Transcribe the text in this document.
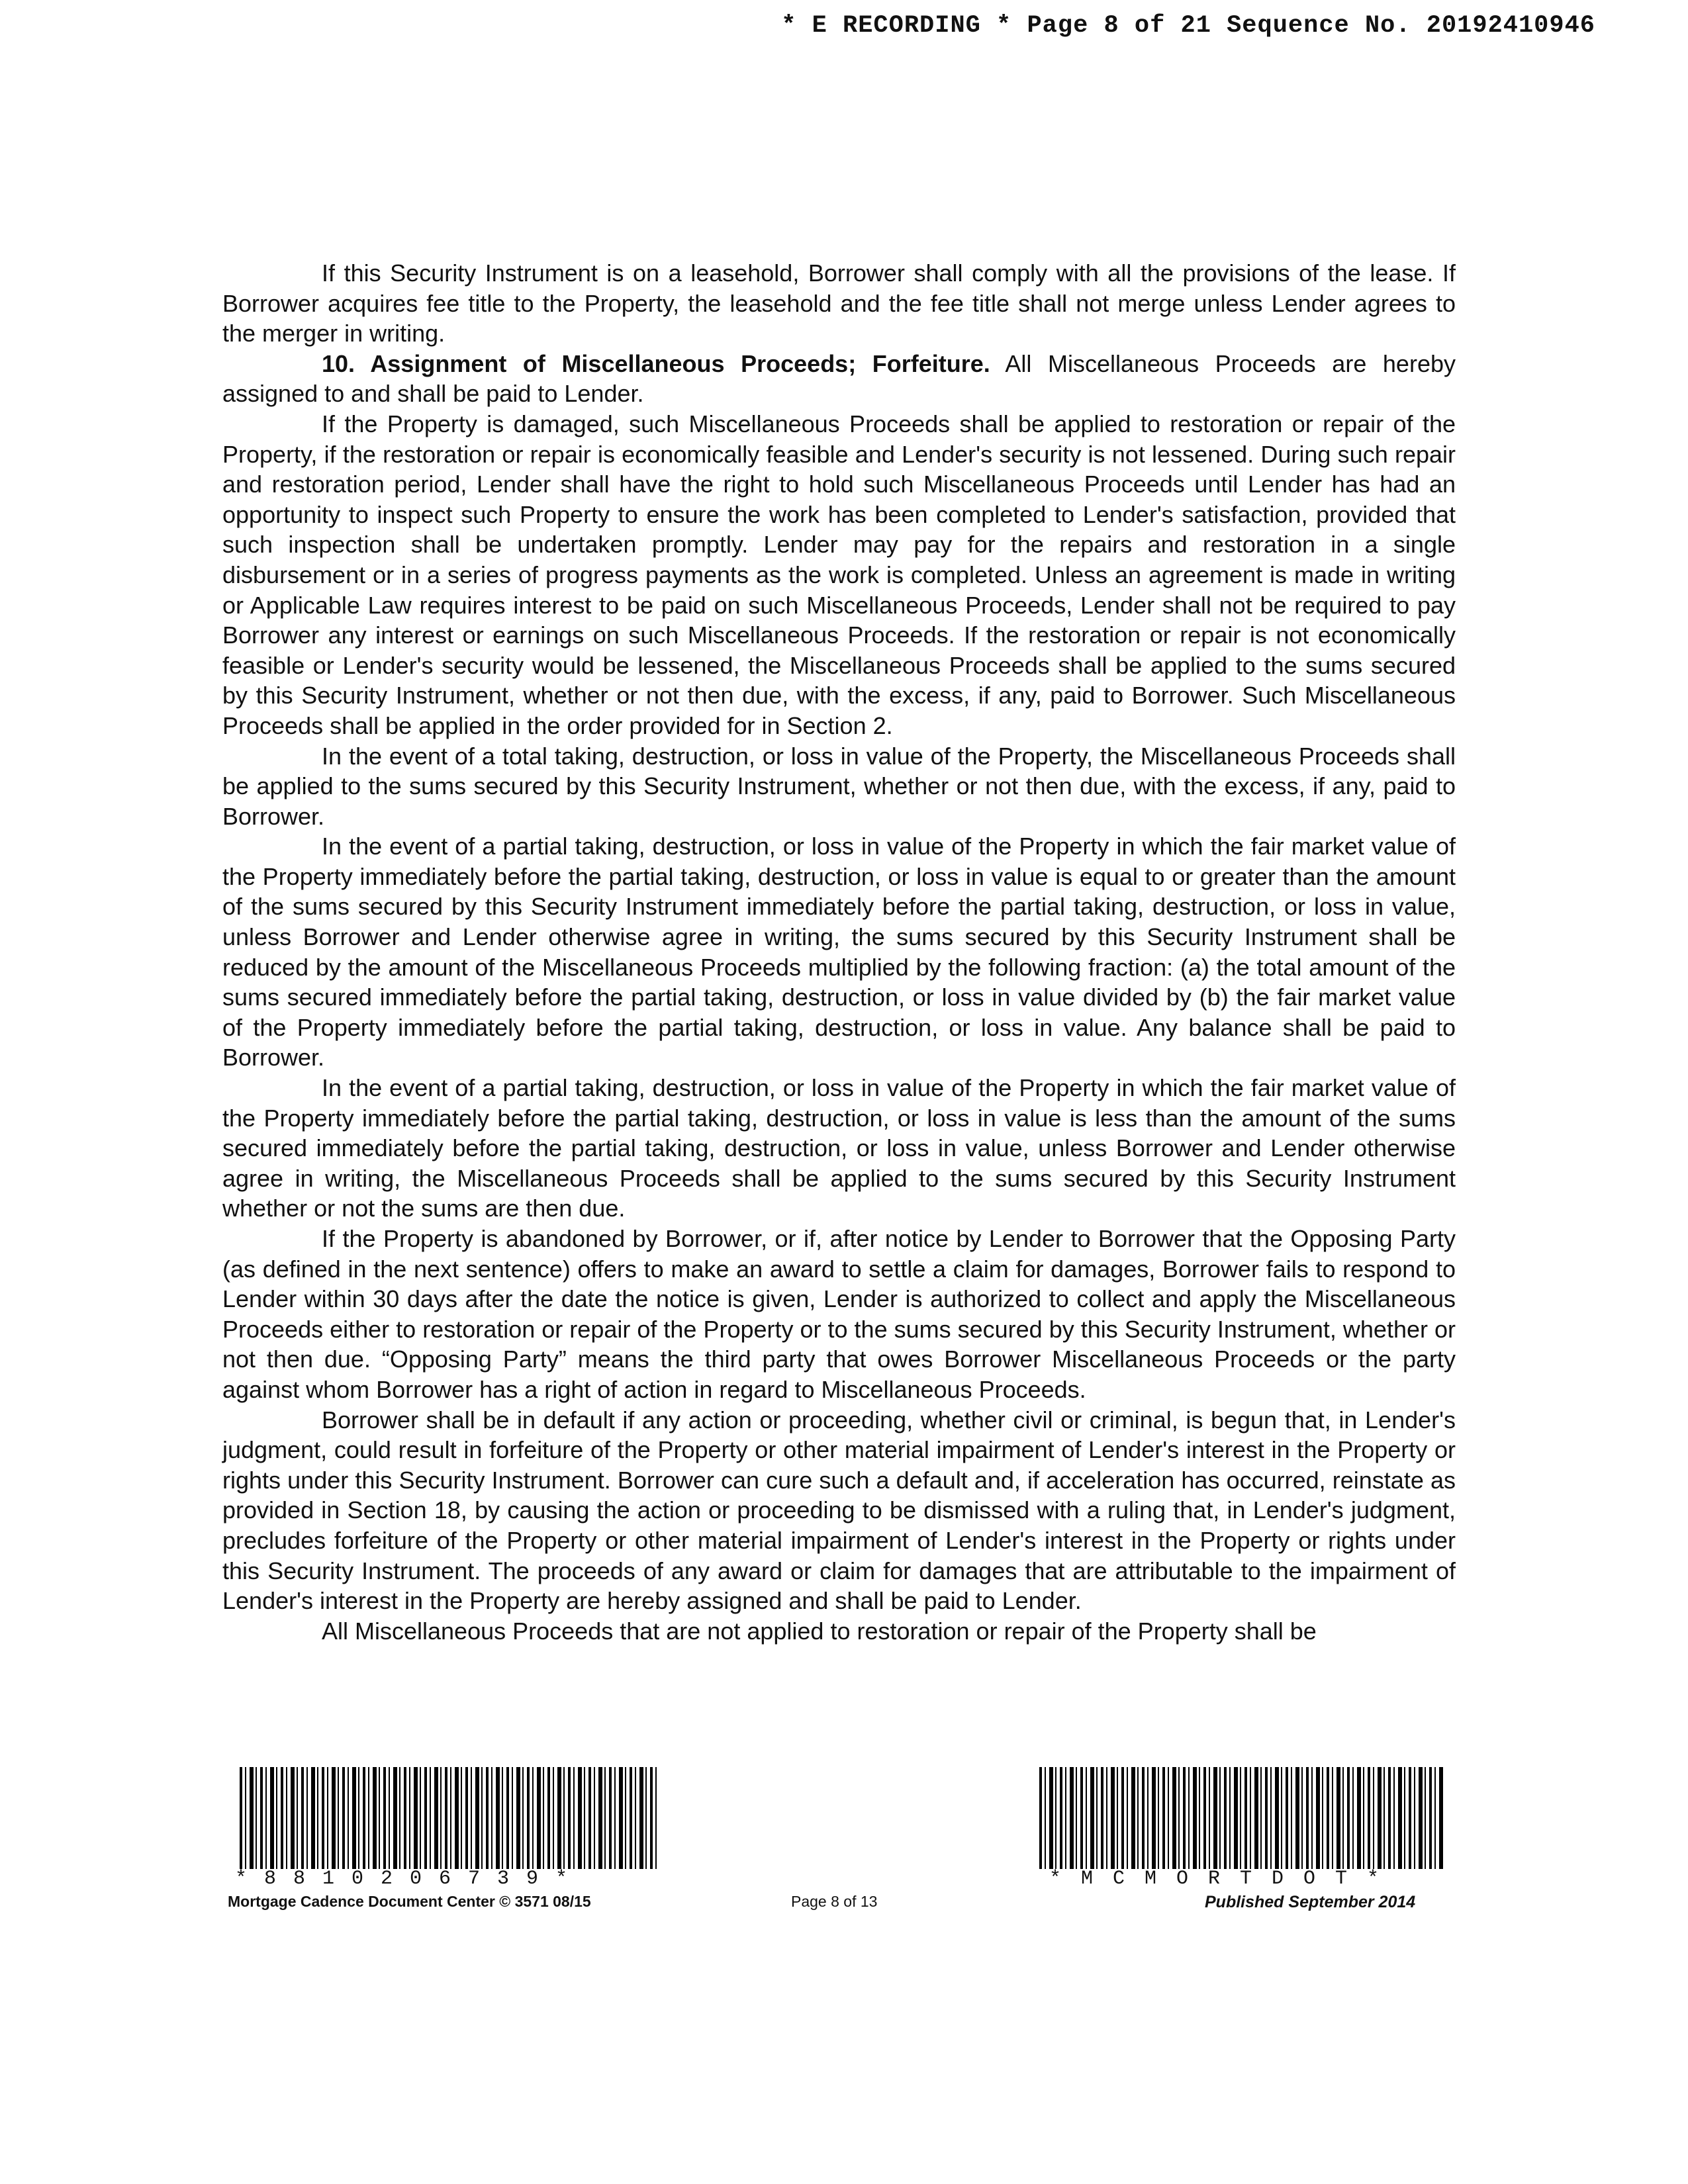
* E RECORDING * Page 8 of 21 Sequence No. 20192410946

If this Security Instrument is on a leasehold, Borrower shall comply with all the provisions of the lease. If Borrower acquires fee title to the Property, the leasehold and the fee title shall not merge unless Lender agrees to the merger in writing.

10. Assignment of Miscellaneous Proceeds; Forfeiture. All Miscellaneous Proceeds are hereby assigned to and shall be paid to Lender.

If the Property is damaged, such Miscellaneous Proceeds shall be applied to restoration or repair of the Property, if the restoration or repair is economically feasible and Lender's security is not lessened. During such repair and restoration period, Lender shall have the right to hold such Miscellaneous Proceeds until Lender has had an opportunity to inspect such Property to ensure the work has been completed to Lender's satisfaction, provided that such inspection shall be undertaken promptly. Lender may pay for the repairs and restoration in a single disbursement or in a series of progress payments as the work is completed. Unless an agreement is made in writing or Applicable Law requires interest to be paid on such Miscellaneous Proceeds, Lender shall not be required to pay Borrower any interest or earnings on such Miscellaneous Proceeds. If the restoration or repair is not economically feasible or Lender's security would be lessened, the Miscellaneous Proceeds shall be applied to the sums secured by this Security Instrument, whether or not then due, with the excess, if any, paid to Borrower. Such Miscellaneous Proceeds shall be applied in the order provided for in Section 2.

In the event of a total taking, destruction, or loss in value of the Property, the Miscellaneous Proceeds shall be applied to the sums secured by this Security Instrument, whether or not then due, with the excess, if any, paid to Borrower.

In the event of a partial taking, destruction, or loss in value of the Property in which the fair market value of the Property immediately before the partial taking, destruction, or loss in value is equal to or greater than the amount of the sums secured by this Security Instrument immediately before the partial taking, destruction, or loss in value, unless Borrower and Lender otherwise agree in writing, the sums secured by this Security Instrument shall be reduced by the amount of the Miscellaneous Proceeds multiplied by the following fraction: (a) the total amount of the sums secured immediately before the partial taking, destruction, or loss in value divided by (b) the fair market value of the Property immediately before the partial taking, destruction, or loss in value. Any balance shall be paid to Borrower.

In the event of a partial taking, destruction, or loss in value of the Property in which the fair market value of the Property immediately before the partial taking, destruction, or loss in value is less than the amount of the sums secured immediately before the partial taking, destruction, or loss in value, unless Borrower and Lender otherwise agree in writing, the Miscellaneous Proceeds shall be applied to the sums secured by this Security Instrument whether or not the sums are then due.

If the Property is abandoned by Borrower, or if, after notice by Lender to Borrower that the Opposing Party (as defined in the next sentence) offers to make an award to settle a claim for damages, Borrower fails to respond to Lender within 30 days after the date the notice is given, Lender is authorized to collect and apply the Miscellaneous Proceeds either to restoration or repair of the Property or to the sums secured by this Security Instrument, whether or not then due. “Opposing Party” means the third party that owes Borrower Miscellaneous Proceeds or the party against whom Borrower has a right of action in regard to Miscellaneous Proceeds.

Borrower shall be in default if any action or proceeding, whether civil or criminal, is begun that, in Lender's judgment, could result in forfeiture of the Property or other material impairment of Lender's interest in the Property or rights under this Security Instrument. Borrower can cure such a default and, if acceleration has occurred, reinstate as provided in Section 18, by causing the action or proceeding to be dismissed with a ruling that, in Lender's judgment, precludes forfeiture of the Property or other material impairment of Lender's interest in the Property or rights under this Security Instrument. The proceeds of any award or claim for damages that are attributable to the impairment of Lender's interest in the Property are hereby assigned and shall be paid to Lender.

All Miscellaneous Proceeds that are not applied to restoration or repair of the Property shall be

*8810206739*	*MCMORTDOT*
Mortgage Cadence Document Center © 3571 08/15	Page 8 of 13	Published September 2014
